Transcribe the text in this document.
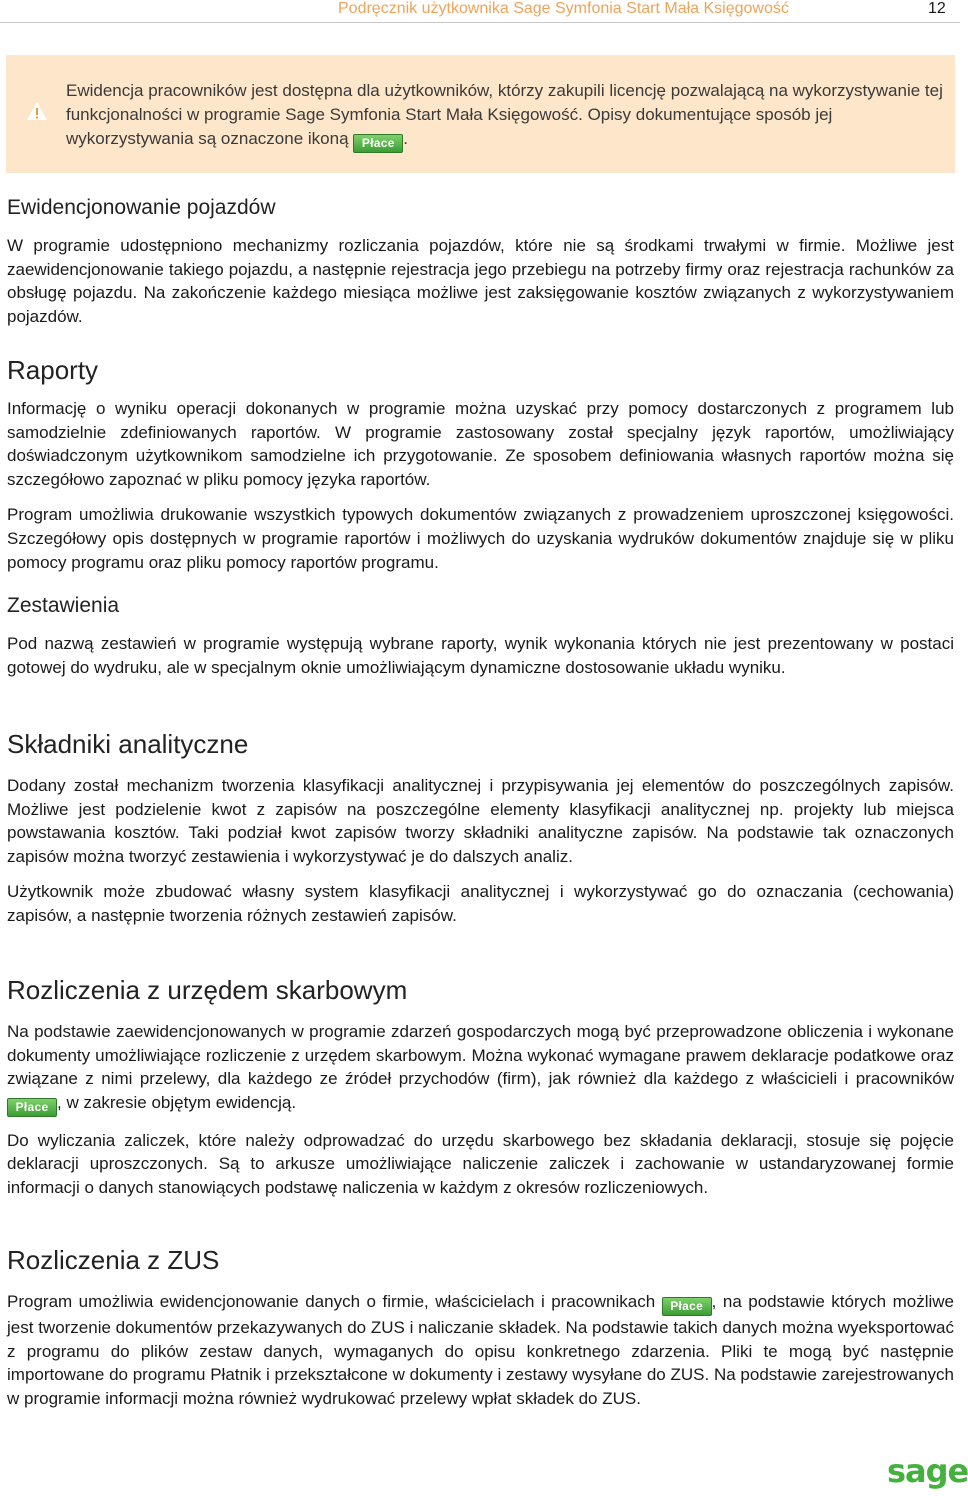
Podręcznik użytkownika Sage Symfonia Start Mała Księgowość	12
Ewidencja pracowników jest dostępna dla użytkowników, którzy zakupili licencję pozwalającą na wykorzystywanie tej funkcjonalności w programie Sage Symfonia Start Mała Księgowość. Opisy dokumentujące sposób jej wykorzystywania są oznaczone ikoną Płace .
Ewidencjonowanie pojazdów

W programie udostępniono mechanizmy rozliczania pojazdów, które nie są środkami trwałymi w firmie. Możliwe jest zaewidencjonowanie takiego pojazdu, a następnie rejestracja jego przebiegu na potrzeby firmy oraz rejestracja rachunków za obsługę pojazdu. Na zakończenie każdego miesiąca możliwe jest zaksięgowanie kosztów związanych z wykorzystywaniem pojazdów.

Raporty

Informację o wyniku operacji dokonanych w programie można uzyskać przy pomocy dostarczonych z programem lub samodzielnie zdefiniowanych raportów. W programie zastosowany został specjalny język raportów, umożliwiający doświadczonym użytkownikom samodzielne ich przygotowanie. Ze sposobem definiowania własnych raportów można się szczegółowo zapoznać w pliku pomocy języka raportów.

Program umożliwia drukowanie wszystkich typowych dokumentów związanych z prowadzeniem uproszczonej księgowości. Szczegółowy opis dostępnych w programie raportów i możliwych do uzyskania wydruków dokumentów znajduje się w pliku pomocy programu oraz pliku pomocy raportów programu.

Zestawienia

Pod nazwą zestawień w programie występują wybrane raporty, wynik wykonania których nie jest prezentowany w postaci gotowej do wydruku, ale w specjalnym oknie umożliwiającym dynamiczne dostosowanie układu wyniku.

Składniki analityczne

Dodany został mechanizm tworzenia klasyfikacji analitycznej i przypisywania jej elementów do poszczególnych zapisów. Możliwe jest podzielenie kwot z zapisów na poszczególne elementy klasyfikacji analitycznej np. projekty lub miejsca powstawania kosztów. Taki podział kwot zapisów tworzy składniki analityczne zapisów. Na podstawie tak oznaczonych zapisów można tworzyć zestawienia i wykorzystywać je do dalszych analiz.

Użytkownik może zbudować własny system klasyfikacji analitycznej i wykorzystywać go do oznaczania (cechowania) zapisów, a następnie tworzenia różnych zestawień zapisów.

Rozliczenia z urzędem skarbowym

Na podstawie zaewidencjonowanych w programie zdarzeń gospodarczych mogą być przeprowadzone obliczenia i wykonane dokumenty umożliwiające rozliczenie z urzędem skarbowym. Można wykonać wymagane prawem deklaracje podatkowe oraz związane z nimi przelewy, dla każdego ze źródeł przychodów (firm), jak również dla każdego z właścicieli i pracowników Płace , w zakresie objętym ewidencją.

Do wyliczania zaliczek, które należy odprowadzać do urzędu skarbowego bez składania deklaracji, stosuje się pojęcie deklaracji uproszczonych. Są to arkusze umożliwiające naliczenie zaliczek i zachowanie w ustandaryzowanej formie informacji o danych stanowiących podstawę naliczenia w każdym z okresów rozliczeniowych.

Rozliczenia z ZUS

Program umożliwia ewidencjonowanie danych o firmie, właścicielach i pracownikach Płace , na podstawie których możliwe jest tworzenie dokumentów przekazywanych do ZUS i naliczanie składek. Na podstawie takich danych można wyeksportować z programu do plików zestaw danych, wymaganych do opisu konkretnego zdarzenia. Pliki te mogą być następnie importowane do programu Płatnik i przekształcone w dokumenty i zestawy wysyłane do ZUS. Na podstawie zarejestrowanych w programie informacji można również wydrukować przelewy wpłat składek do ZUS.

sage
